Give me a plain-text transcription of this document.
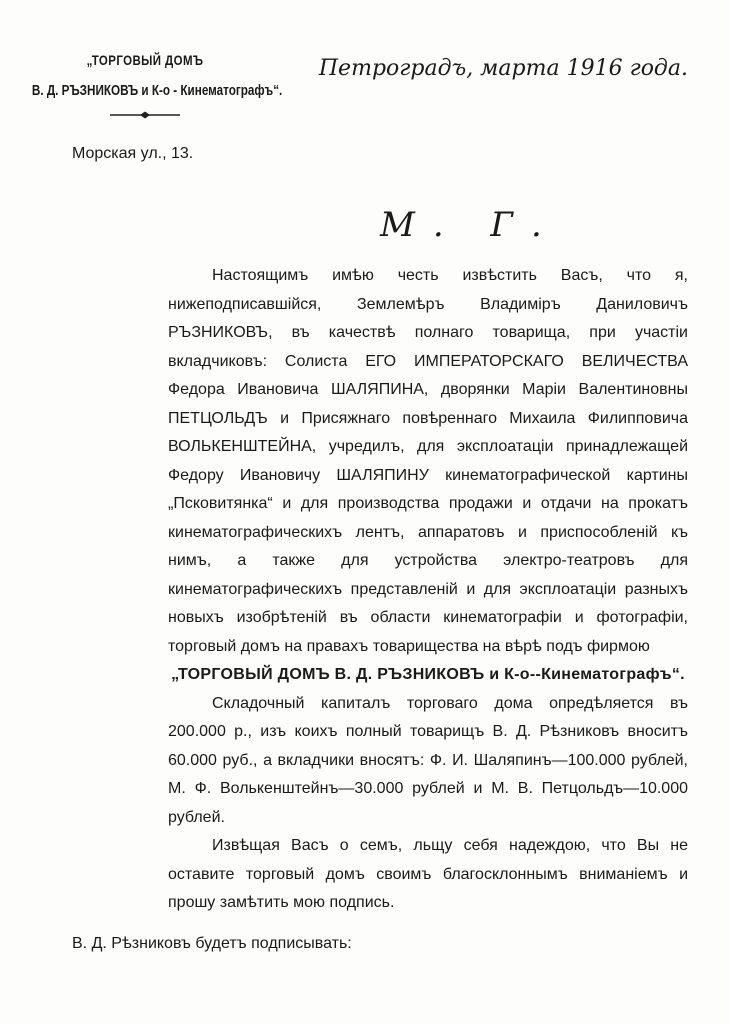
„ТОРГОВЫЙ ДОМЪ
В. Д. РЪЗНИКОВЪ и К-о - Кинематографъ“.
Морская ул., 13.
Петроградъ, марта 1916 года.
М. Г.

Настоящимъ имѣю честь извѣстить Васъ, что я, нижеподписавшійся, Землемѣръ Владиміръ Даниловичъ РЪЗНИКОВЪ, въ качествѣ полнаго товарища, при участіи вкладчиковъ: Солиста ЕГО ИМПЕРАТОРСКАГО ВЕЛИЧЕСТВА Федора Ивановича ШАЛЯПИНА, дворянки Маріи Валентиновны ПЕТЦОЛЬДЪ и Присяжнаго повѣреннаго Михаила Филипповича ВОЛЬКЕНШТЕЙНА, учредилъ, для эксплоатаціи принадлежащей Федору Ивановичу ШАЛЯПИНУ кинематографической картины „Псковитянка“ и для производства продажи и отдачи на прокатъ кинематографическихъ лентъ, аппаратовъ и приспособленій къ нимъ, а также для устройства электро-театровъ для кинематографическихъ представленій и для эксплоатаціи разныхъ новыхъ изобрѣтеній въ области кинематографіи и фотографіи, торговый домъ на правахъ товарищества на вѣрѣ подъ фирмою

„ТОРГОВЫЙ ДОМЪ В. Д. РЪЗНИКОВЪ и К-о--Кинематографъ“.

Складочный капиталъ торговаго дома опредѣляется въ 200.000 р., изъ коихъ полный товарищъ В. Д. Рѣзниковъ вноситъ 60.000 руб., а вкладчики вносятъ: Ф. И. Шаляпинъ—100.000 рублей, М. Ф. Волькенштейнъ—30.000 рублей и М. В. Петцольдъ—10.000 рублей.

Извѣщая Васъ о семъ, льщу себя надеждою, что Вы не оставите торговый домъ своимъ благосклоннымъ вниманіемъ и прошу замѣтить мою подпись.

В. Д. Рѣзниковъ будетъ подписывать:
